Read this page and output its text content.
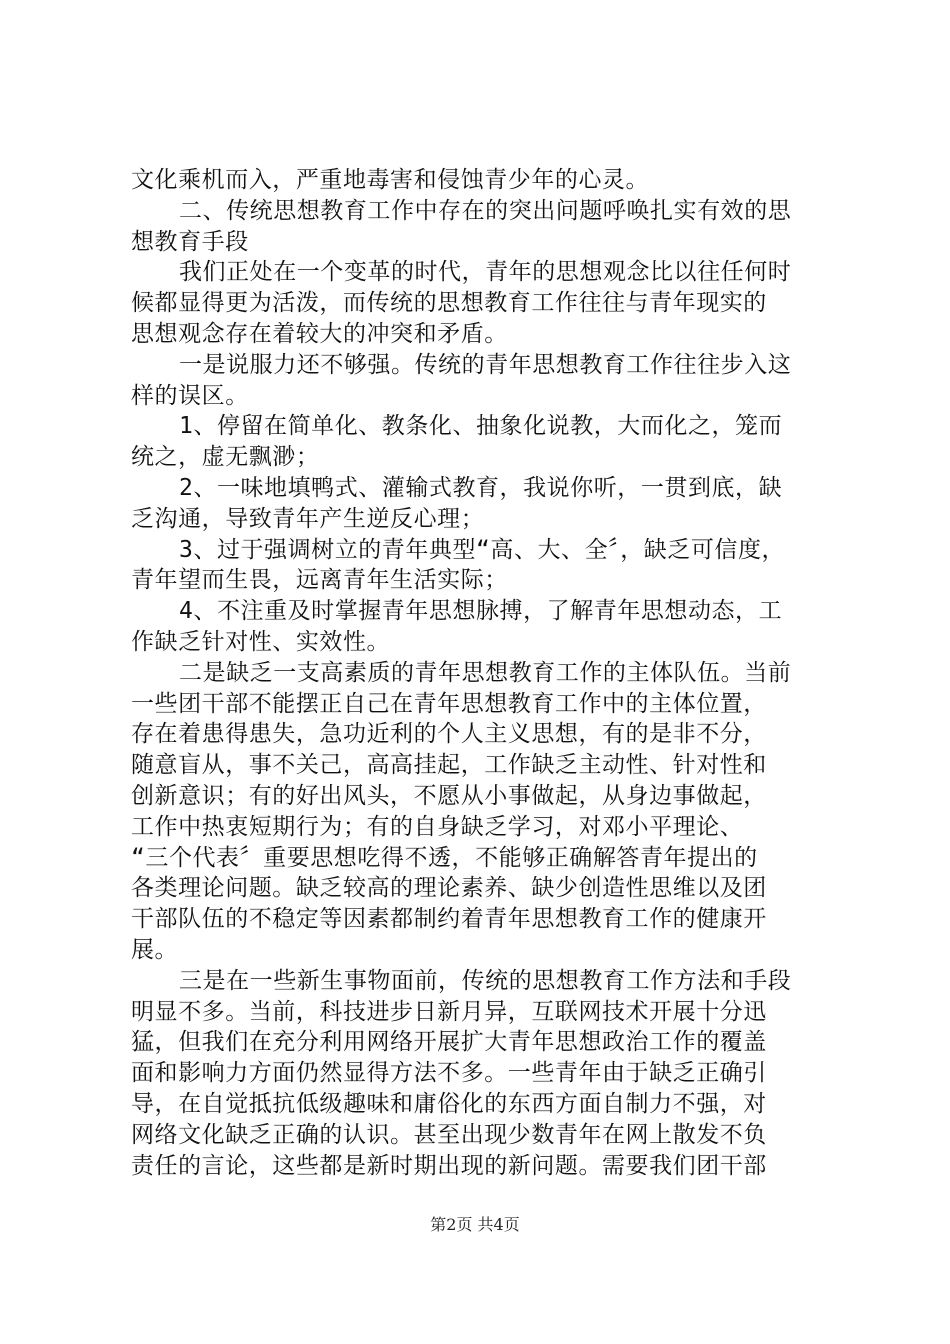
文化乘机而入，严重地毒害和侵蚀青少年的心灵。
二、传统思想教育工作中存在的突出问题呼唤扎实有效的思
想教育手段
我们正处在一个变革的时代，青年的思想观念比以往任何时
候都显得更为活泼，而传统的思想教育工作往往与青年现实的
思想观念存在着较大的冲突和矛盾。
一是说服力还不够强。传统的青年思想教育工作往往步入这
样的误区。
1、停留在简单化、教条化、抽象化说教，大而化之，笼而
统之，虚无飘渺；
2、一味地填鸭式、灌输式教育，我说你听，一贯到底，缺
乏沟通，导致青年产生逆反心理；
3、过于强调树立的青年典型“高、大、全〞，缺乏可信度，
青年望而生畏，远离青年生活实际；
4、不注重及时掌握青年思想脉搏，了解青年思想动态，工
作缺乏针对性、实效性。
二是缺乏一支高素质的青年思想教育工作的主体队伍。当前
一些团干部不能摆正自己在青年思想教育工作中的主体位置，
存在着患得患失，急功近利的个人主义思想，有的是非不分，
随意盲从，事不关己，高高挂起，工作缺乏主动性、针对性和
创新意识；有的好出风头，不愿从小事做起，从身边事做起，
工作中热衷短期行为；有的自身缺乏学习，对邓小平理论、
“三个代表〞重要思想吃得不透，不能够正确解答青年提出的
各类理论问题。缺乏较高的理论素养、缺少创造性思维以及团
干部队伍的不稳定等因素都制约着青年思想教育工作的健康开
展。
三是在一些新生事物面前，传统的思想教育工作方法和手段
明显不多。当前，科技进步日新月异，互联网技术开展十分迅
猛，但我们在充分利用网络开展扩大青年思想政治工作的覆盖
面和影响力方面仍然显得方法不多。一些青年由于缺乏正确引
导，在自觉抵抗低级趣味和庸俗化的东西方面自制力不强，对
网络文化缺乏正确的认识。甚至出现少数青年在网上散发不负
责任的言论，这些都是新时期出现的新问题。需要我们团干部
第2页 共4页
